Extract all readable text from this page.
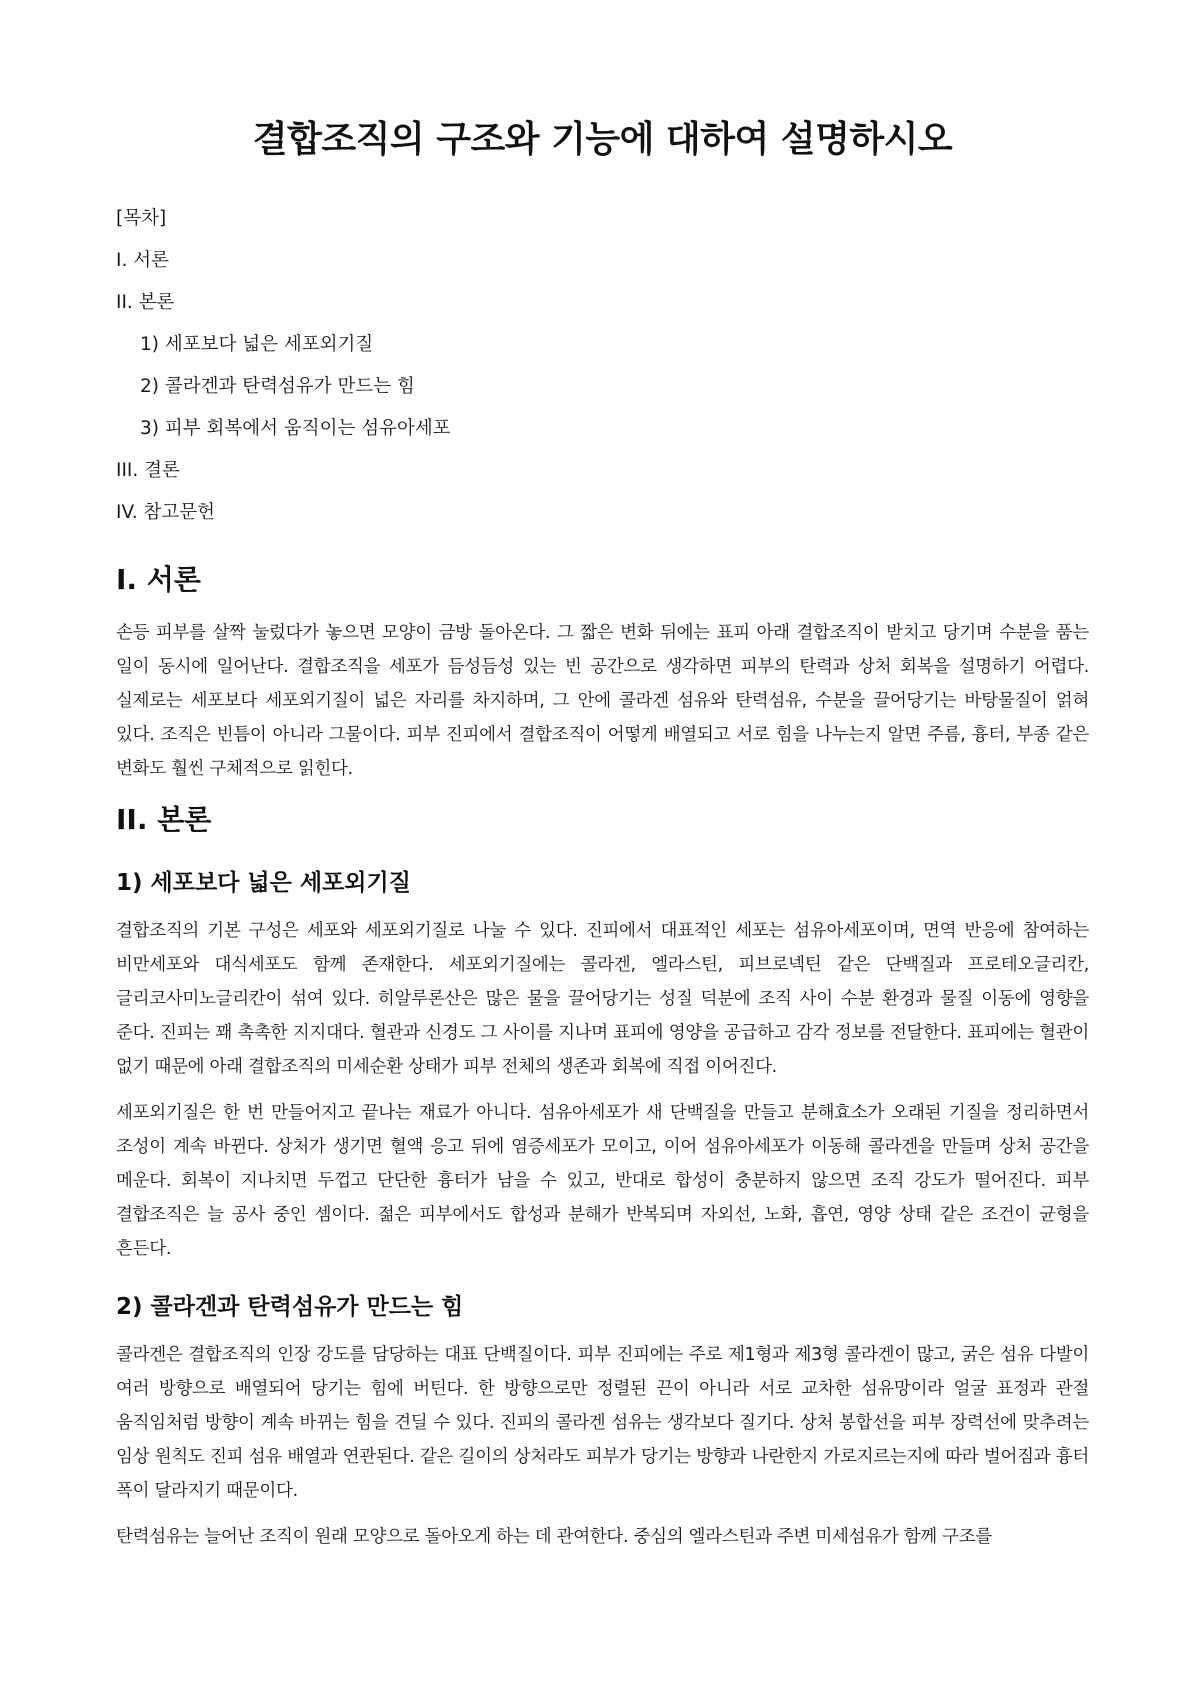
결합조직의 구조와 기능에 대하여 설명하시오
[목차]
I. 서론
II. 본론
1) 세포보다 넓은 세포외기질
2) 콜라겐과 탄력섬유가 만드는 힘
3) 피부 회복에서 움직이는 섬유아세포
III. 결론
IV. 참고문헌
I. 서론

손등 피부를 살짝 눌렀다가 놓으면 모양이 금방 돌아온다. 그 짧은 변화 뒤에는 표피 아래 결합조직이 받치고 당기며 수분을 품는 일이 동시에 일어난다. 결합조직을 세포가 듬성듬성 있는 빈 공간으로 생각하면 피부의 탄력과 상처 회복을 설명하기 어렵다. 실제로는 세포보다 세포외기질이 넓은 자리를 차지하며, 그 안에 콜라겐 섬유와 탄력섬유, 수분을 끌어당기는 바탕물질이 얽혀 있다. 조직은 빈틈이 아니라 그물이다. 피부 진피에서 결합조직이 어떻게 배열되고 서로 힘을 나누는지 알면 주름, 흉터, 부종 같은 변화도 훨씬 구체적으로 읽힌다.

II. 본론
1) 세포보다 넓은 세포외기질

결합조직의 기본 구성은 세포와 세포외기질로 나눌 수 있다. 진피에서 대표적인 세포는 섬유아세포이며, 면역 반응에 참여하는 비만세포와 대식세포도 함께 존재한다. 세포외기질에는 콜라겐, 엘라스틴, 피브로넥틴 같은 단백질과 프로테오글리칸, 글리코사미노글리칸이 섞여 있다. 히알루론산은 많은 물을 끌어당기는 성질 덕분에 조직 사이 수분 환경과 물질 이동에 영향을 준다. 진피는 꽤 촉촉한 지지대다. 혈관과 신경도 그 사이를 지나며 표피에 영양을 공급하고 감각 정보를 전달한다. 표피에는 혈관이 없기 때문에 아래 결합조직의 미세순환 상태가 피부 전체의 생존과 회복에 직접 이어진다.

세포외기질은 한 번 만들어지고 끝나는 재료가 아니다. 섬유아세포가 새 단백질을 만들고 분해효소가 오래된 기질을 정리하면서 조성이 계속 바뀐다. 상처가 생기면 혈액 응고 뒤에 염증세포가 모이고, 이어 섬유아세포가 이동해 콜라겐을 만들며 상처 공간을 메운다. 회복이 지나치면 두껍고 단단한 흉터가 남을 수 있고, 반대로 합성이 충분하지 않으면 조직 강도가 떨어진다. 피부 결합조직은 늘 공사 중인 셈이다. 젊은 피부에서도 합성과 분해가 반복되며 자외선, 노화, 흡연, 영양 상태 같은 조건이 균형을 흔든다.

2) 콜라겐과 탄력섬유가 만드는 힘

콜라겐은 결합조직의 인장 강도를 담당하는 대표 단백질이다. 피부 진피에는 주로 제1형과 제3형 콜라겐이 많고, 굵은 섬유 다발이 여러 방향으로 배열되어 당기는 힘에 버틴다. 한 방향으로만 정렬된 끈이 아니라 서로 교차한 섬유망이라 얼굴 표정과 관절 움직임처럼 방향이 계속 바뀌는 힘을 견딜 수 있다. 진피의 콜라겐 섬유는 생각보다 질기다. 상처 봉합선을 피부 장력선에 맞추려는 임상 원칙도 진피 섬유 배열과 연관된다. 같은 길이의 상처라도 피부가 당기는 방향과 나란한지 가로지르는지에 따라 벌어짐과 흉터 폭이 달라지기 때문이다.

탄력섬유는 늘어난 조직이 원래 모양으로 돌아오게 하는 데 관여한다. 중심의 엘라스틴과 주변 미세섬유가 함께 구조를
